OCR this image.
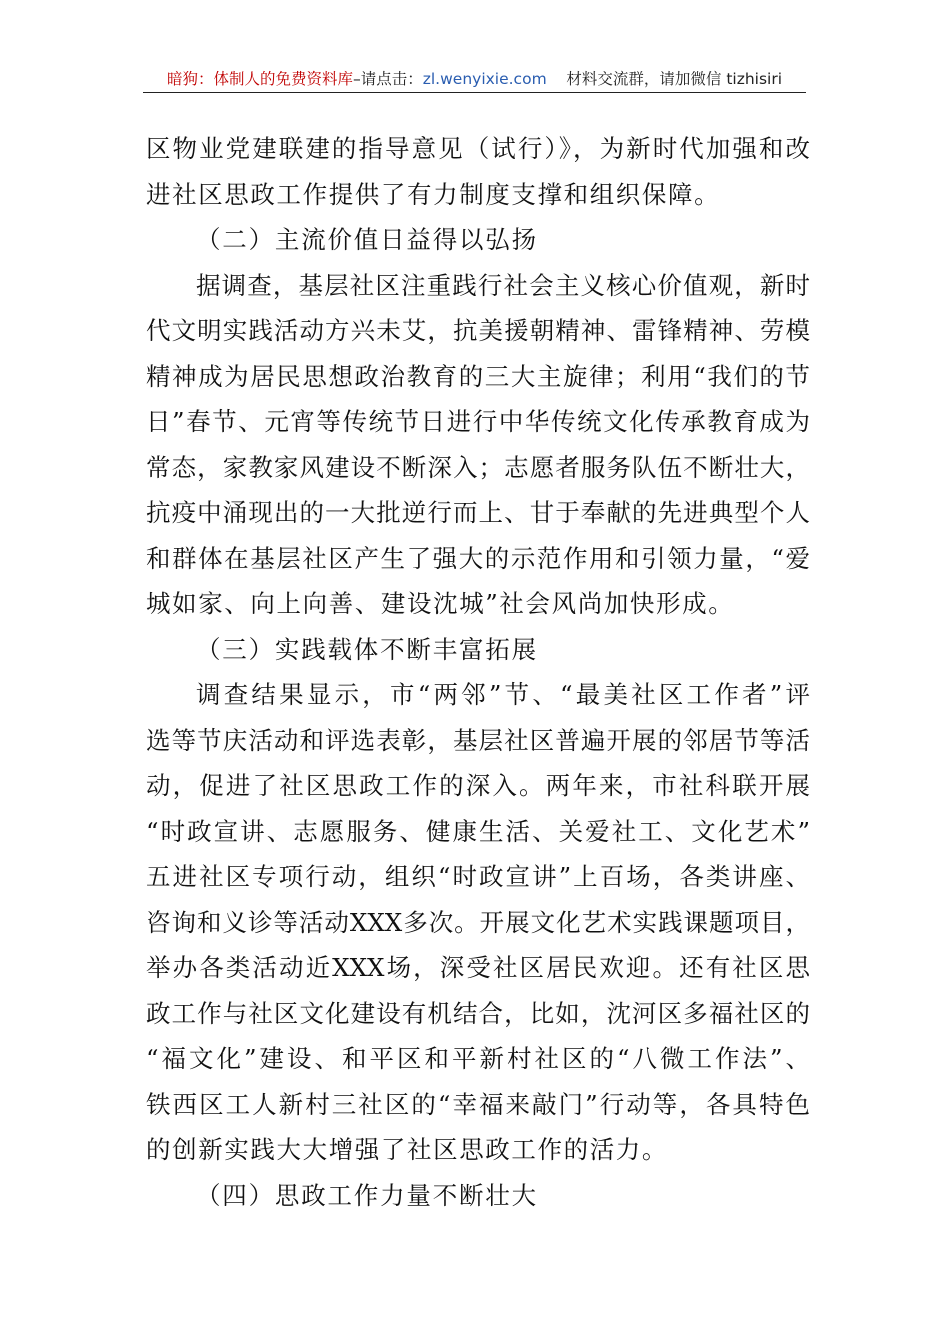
暗狗：体制人的免费资料库–请点击：zl.wenyixie.com 材料交流群，请加微信 tizhisiri
区物业党建联建的指导意见（试行）》，为新时代加强和改
进社区思政工作提供了有力制度支撑和组织保障。
（二）主流价值日益得以弘扬
据调查，基层社区注重践行社会主义核心价值观，新时
代文明实践活动方兴未艾，抗美援朝精神、雷锋精神、劳模
精神成为居民思想政治教育的三大主旋律；利用“我们的节
日”春节、元宵等传统节日进行中华传统文化传承教育成为
常态，家教家风建设不断深入；志愿者服务队伍不断壮大，
抗疫中涌现出的一大批逆行而上、甘于奉献的先进典型个人
和群体在基层社区产生了强大的示范作用和引领力量，“爱
城如家、向上向善、建设沈城”社会风尚加快形成。
（三）实践载体不断丰富拓展
调查结果显示，市“两邻”节、“最美社区工作者”评
选等节庆活动和评选表彰，基层社区普遍开展的邻居节等活
动，促进了社区思政工作的深入。两年来，市社科联开展
“时政宣讲、志愿服务、健康生活、关爱社工、文化艺术”
五进社区专项行动，组织“时政宣讲”上百场，各类讲座、
咨询和义诊等活动XXX多次。开展文化艺术实践课题项目，
举办各类活动近XXX场，深受社区居民欢迎。还有社区思
政工作与社区文化建设有机结合，比如，沈河区多福社区的
“福文化”建设、和平区和平新村社区的“八微工作法”、
铁西区工人新村三社区的“幸福来敲门”行动等，各具特色
的创新实践大大增强了社区思政工作的活力。
（四）思政工作力量不断壮大
